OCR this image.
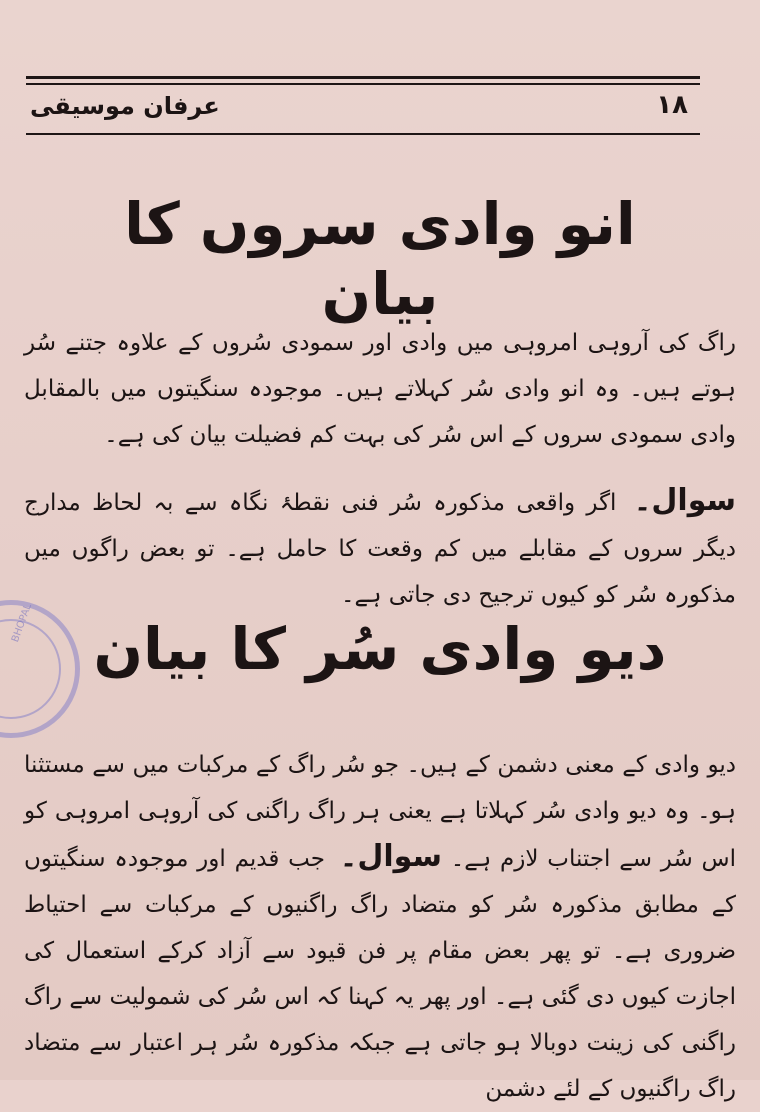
عرفان موسیقی	۱۸
انو وادی سروں کا بیان
راگ کی آروہی امروہی میں وادی اور سمودی سُروں کے علاوہ جتنے سُر ہوتے ہیں۔ وہ انو وادی سُر کہلاتے ہیں۔ موجودہ سنگیتوں میں بالمقابل وادی سمودی سروں کے اس سُر کی بہت کم فضیلت بیان کی ہے۔
سوال۔ اگر واقعی مذکورہ سُر فنی نقطۂ نگاہ سے بہ لحاظ مدارج دیگر سروں کے مقابلے میں کم وقعت کا حامل ہے۔ تو بعض راگوں میں مذکورہ سُر کو کیوں ترجیح دی جاتی ہے۔
دیو وادی سُر کا بیان
دیو وادی کے معنی دشمن کے ہیں۔ جو سُر راگ کے مرکبات میں سے مستثنا ہو۔ وہ دیو وادی سُر کہلاتا ہے یعنی ہر راگ راگنی کی آروہی امروہی کو اس سُر سے اجتناب لازم ہے۔ سوال۔ جب قدیم اور موجودہ سنگیتوں کے مطابق مذکورہ سُر کو متضاد راگ راگنیوں کے مرکبات سے احتیاط ضروری ہے۔ تو پھر بعض مقام پر فن قیود سے آزاد کرکے استعمال کی اجازت کیوں دی گئی ہے۔ اور پھر یہ کہنا کہ اس سُر کی شمولیت سے راگ راگنی کی زینت دوبالا ہو جاتی ہے جبکہ مذکورہ سُر ہر اعتبار سے متضاد راگ راگنیوں کے لئے دشمن
BHOPAL
